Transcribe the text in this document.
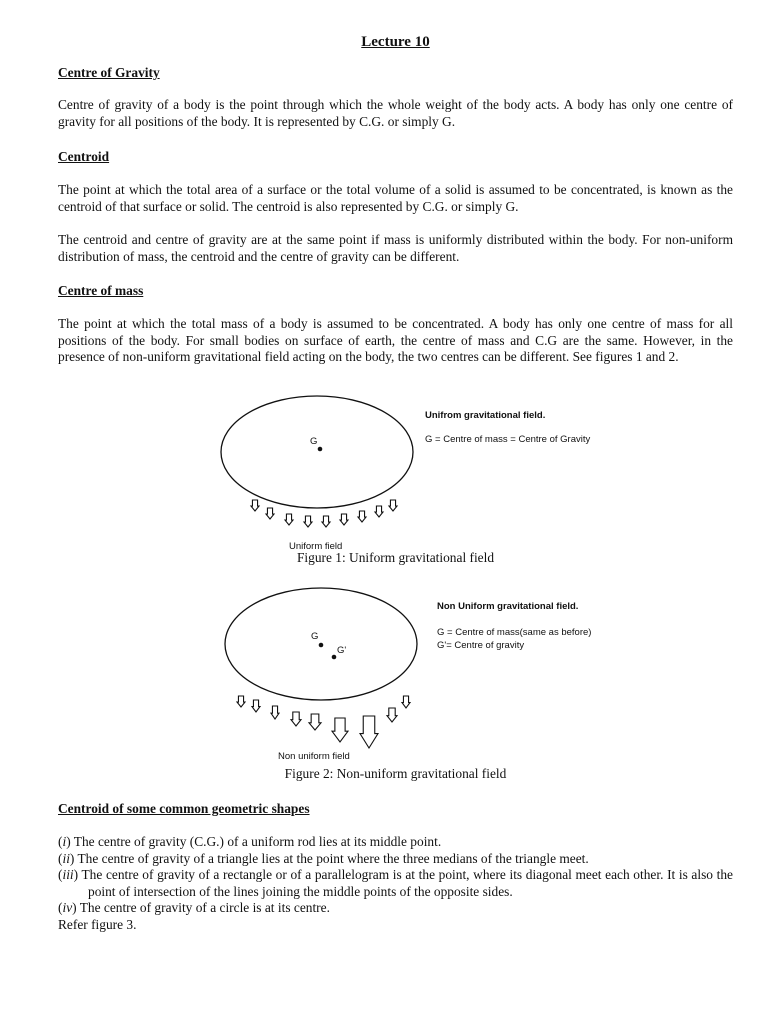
Lecture 10
Centre of Gravity

Centre of gravity of a body is the point through which the whole weight of the body acts. A body has only one centre of gravity for all positions of the body. It is represented by C.G. or simply G.

Centroid

The point at which the total area of a surface or the total volume of a solid is assumed to be concentrated, is known as the centroid of that surface or solid. The centroid is also represented by C.G. or simply G.

The centroid and centre of gravity are at the same point if mass is uniformly distributed within the body. For non-uniform distribution of mass, the centroid and the centre of gravity can be different.

Centre of mass

The point at which the total mass of a body is assumed to be concentrated. A body has only one centre of mass for all positions of the body. For small bodies on surface of earth, the centre of mass and C.G are the same. However, in the presence of non-uniform gravitational field acting on the body, the two centres can be different. See figures 1 and 2.

G
Unifrom gravitational field.
G = Centre of mass = Centre of Gravity
Uniform field
Figure 1: Uniform gravitational field
G
G'
Non Uniform gravitational field.
G = Centre of mass(same as before)
G'= Centre of gravity
Non uniform field
Figure 2: Non-uniform gravitational field
Centroid of some common geometric shapes
(i) The centre of gravity (C.G.) of a uniform rod lies at its middle point.
(ii) The centre of gravity of a triangle lies at the point where the three medians of the triangle meet.
(iii) The centre of gravity of a rectangle or of a parallelogram is at the point, where its diagonal meet each other. It is also the point of intersection of the lines joining the middle points of the opposite sides.
(iv) The centre of gravity of a circle is at its centre.
Refer figure 3.
